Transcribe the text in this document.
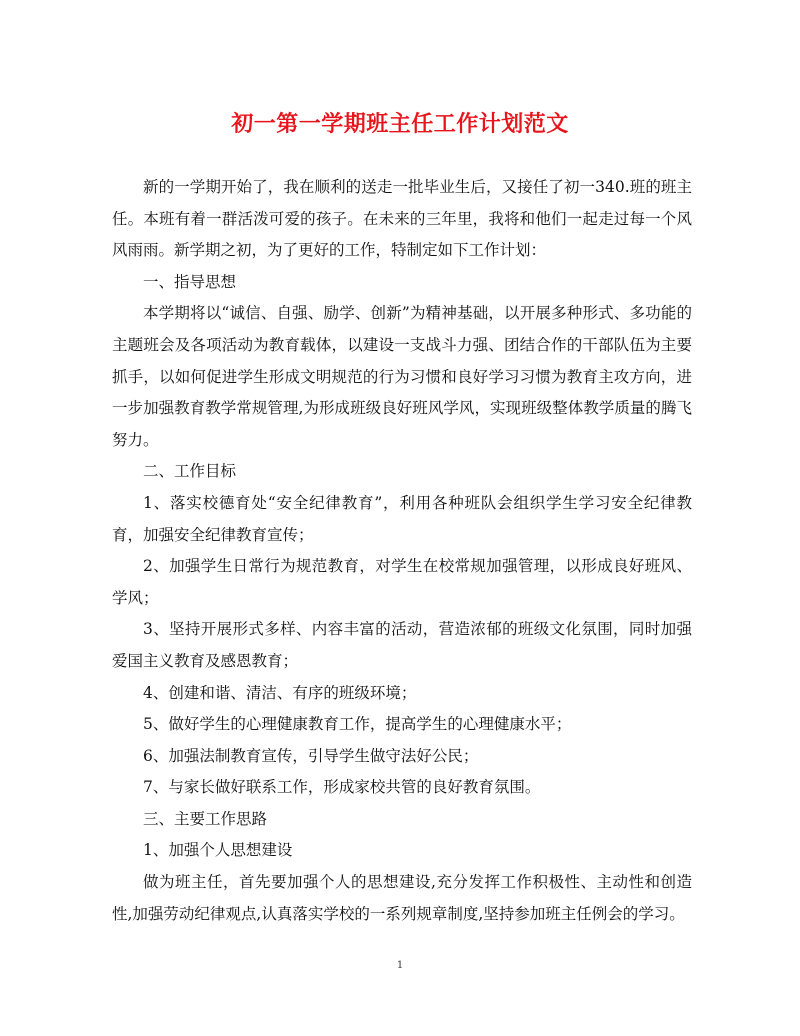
初一第一学期班主任工作计划范文

新的一学期开始了，我在顺利的送走一批毕业生后，又接任了初一340.班的班主任。本班有着一群活泼可爱的孩子。在未来的三年里，我将和他们一起走过每一个风风雨雨。新学期之初，为了更好的工作，特制定如下工作计划：

一、指导思想

本学期将以“诚信、自强、励学、创新”为精神基础，以开展多种形式、多功能的主题班会及各项活动为教育载体，以建设一支战斗力强、团结合作的干部队伍为主要抓手，以如何促进学生形成文明规范的行为习惯和良好学习习惯为教育主攻方向，进一步加强教育教学常规管理,为形成班级良好班风学风，实现班级整体教学质量的腾飞努力。

二、工作目标

1、落实校德育处“安全纪律教育”，利用各种班队会组织学生学习安全纪律教育，加强安全纪律教育宣传；

2、加强学生日常行为规范教育，对学生在校常规加强管理，以形成良好班风、学风；

3、坚持开展形式多样、内容丰富的活动，营造浓郁的班级文化氛围，同时加强爱国主义教育及感恩教育；

4、创建和谐、清洁、有序的班级环境；

5、做好学生的心理健康教育工作，提高学生的心理健康水平；

6、加强法制教育宣传，引导学生做守法好公民；

7、与家长做好联系工作，形成家校共管的良好教育氛围。

三、主要工作思路

1、加强个人思想建设

做为班主任，首先要加强个人的思想建设,充分发挥工作积极性、主动性和创造性,加强劳动纪律观点,认真落实学校的一系列规章制度,坚持参加班主任例会的学习。

1
